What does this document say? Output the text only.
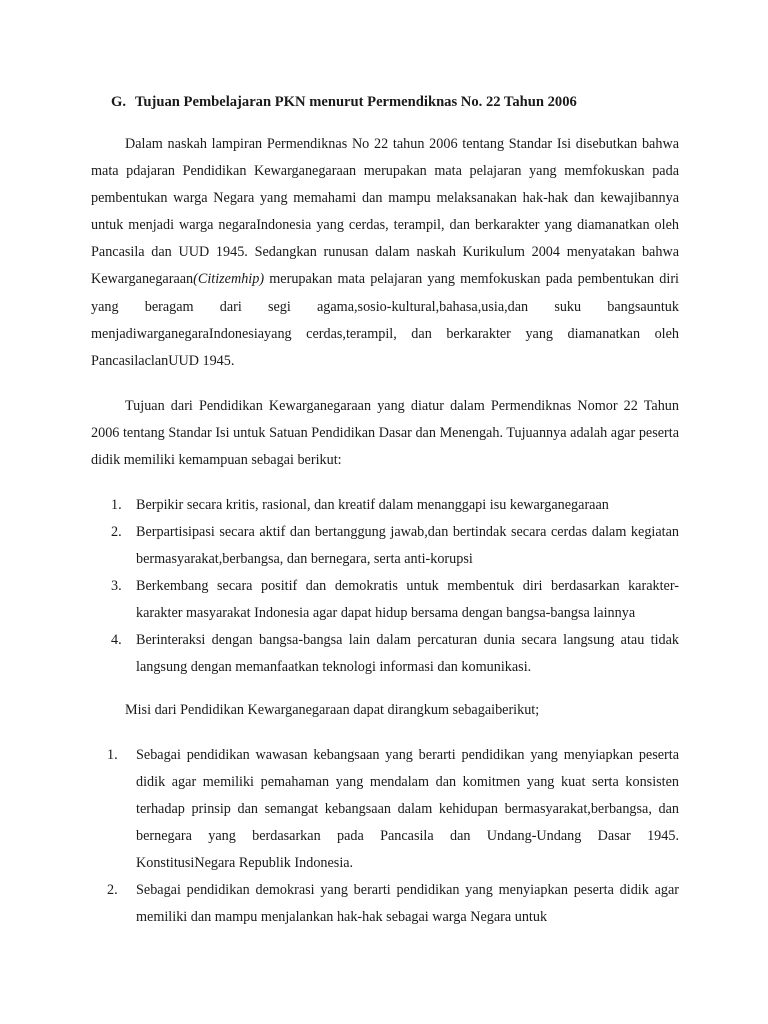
G. Tujuan Pembelajaran PKN menurut Permendiknas No. 22 Tahun 2006

Dalam naskah lampiran Permendiknas No 22 tahun 2006 tentang Standar Isi disebutkan bahwa mata pdajaran Pendidikan Kewarganegaraan merupakan mata pelajaran yang memfokuskan pada pembentukan warga Negara yang memahami dan mampu melaksanakan hak-hak dan kewajibannya untuk menjadi warga negaraIndonesia yang cerdas, terampil, dan berkarakter yang diamanatkan oleh Pancasila dan UUD 1945. Sedangkan runusan dalam naskah Kurikulum 2004 menyatakan bahwa Kewarganegaraan(Citizemhip) merupakan mata pelajaran yang memfokuskan pada pembentukan diri yang beragam dari segi agama,sosio-kultural,bahasa,usia,dan suku bangsauntuk menjadiwarganegaraIndonesiayang cerdas,terampil, dan berkarakter yang diamanatkan oleh PancasilaclanUUD 1945.

Tujuan dari Pendidikan Kewarganegaraan yang diatur dalam Permendiknas Nomor 22 Tahun 2006 tentang Standar Isi untuk Satuan Pendidikan Dasar dan Menengah. Tujuannya adalah agar peserta didik memiliki kemampuan sebagai berikut:

1. Berpikir secara kritis, rasional, dan kreatif dalam menanggapi isu kewarganegaraan
2. Berpartisipasi secara aktif dan bertanggung jawab,dan bertindak secara cerdas dalam kegiatan bermasyarakat,berbangsa, dan bernegara, serta anti-korupsi
3. Berkembang secara positif dan demokratis untuk membentuk diri berdasarkan karakter-karakter masyarakat Indonesia agar dapat hidup bersama dengan bangsa-bangsa lainnya
4. Berinteraksi dengan bangsa-bangsa lain dalam percaturan dunia secara langsung atau tidak langsung dengan memanfaatkan teknologi informasi dan komunikasi.

Misi dari Pendidikan Kewarganegaraan dapat dirangkum sebagaiberikut;

1. Sebagai pendidikan wawasan kebangsaan yang berarti pendidikan yang menyiapkan peserta didik agar memiliki pemahaman yang mendalam dan komitmen yang kuat serta konsisten terhadap prinsip dan semangat kebangsaan dalam kehidupan bermasyarakat,berbangsa, dan bernegara yang berdasarkan pada Pancasila dan Undang-Undang Dasar 1945. KonstitusiNegara Republik Indonesia.
2. Sebagai pendidikan demokrasi yang berarti pendidikan yang menyiapkan peserta didik agar memiliki dan mampu menjalankan hak-hak sebagai warga Negara untuk
